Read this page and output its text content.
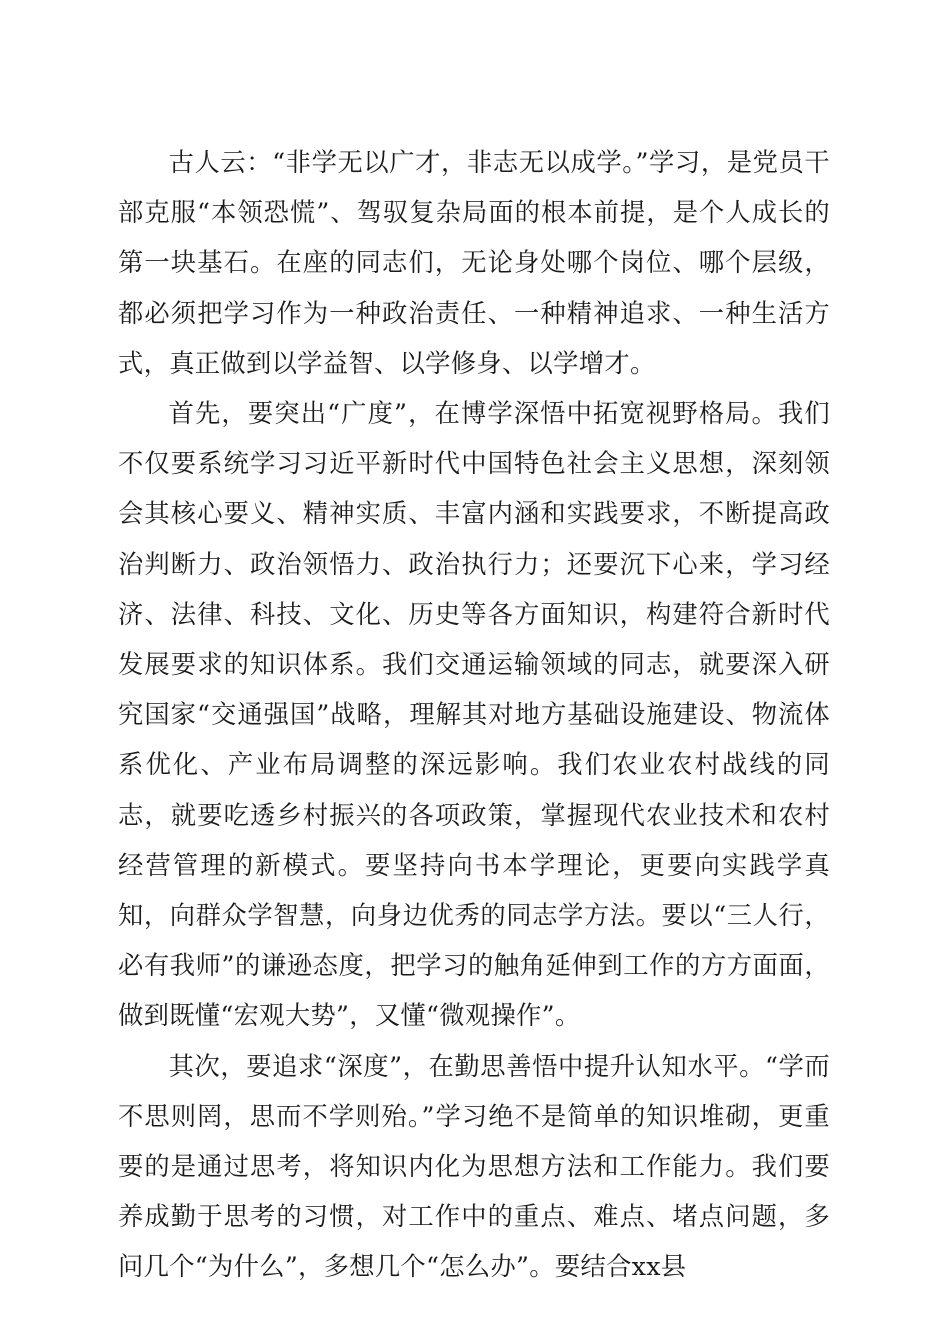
古人云：“非学无以广才，非志无以成学。”学习，是党员干部克服“本领恐慌”、驾驭复杂局面的根本前提，是个人成长的第一块基石。在座的同志们，无论身处哪个岗位、哪个层级，都必须把学习作为一种政治责任、一种精神追求、一种生活方式，真正做到以学益智、以学修身、以学增才。

首先，要突出“广度”，在博学深悟中拓宽视野格局。我们不仅要系统学习习近平新时代中国特色社会主义思想，深刻领会其核心要义、精神实质、丰富内涵和实践要求，不断提高政治判断力、政治领悟力、政治执行力；还要沉下心来，学习经济、法律、科技、文化、历史等各方面知识，构建符合新时代发展要求的知识体系。我们交通运输领域的同志，就要深入研究国家“交通强国”战略，理解其对地方基础设施建设、物流体系优化、产业布局调整的深远影响。我们农业农村战线的同志，就要吃透乡村振兴的各项政策，掌握现代农业技术和农村经营管理的新模式。要坚持向书本学理论，更要向实践学真知，向群众学智慧，向身边优秀的同志学方法。要以“三人行，必有我师”的谦逊态度，把学习的触角延伸到工作的方方面面，做到既懂“宏观大势”，又懂“微观操作”。

其次，要追求“深度”，在勤思善悟中提升认知水平。“学而不思则罔，思而不学则殆。”学习绝不是简单的知识堆砌，更重要的是通过思考，将知识内化为思想方法和工作能力。我们要养成勤于思考的习惯，对工作中的重点、难点、堵点问题，多问几个“为什么”，多想几个“怎么办”。要结合xx县
